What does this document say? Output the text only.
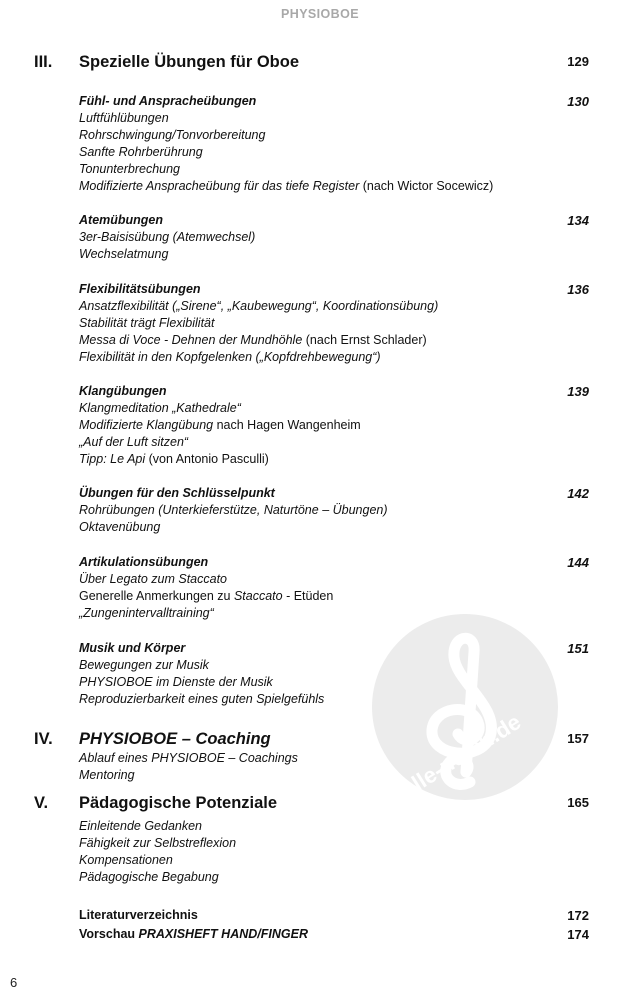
PHYSIOBOE
alle-noten.de
III. Spezielle Übungen für Oboe	129
Fühl- und Ansprachеübungen	130
Luftfühlübungen
Rohrschwingung/Tonvorbereitung
Sanfte Rohrberührung
Tonunterbrechung
Modifizierte Ansprachеübung für das tiefe Register (nach Wictor Socewicz)
Atemübungen	134
3er-Baisisübung (Atemwechsel)
Wechselatmung
Flexibilitätsübungen	136
Ansatzflexibilität („Sirene“, „Kaubewegung“, Koordinationsübung)
Stabilität trägt Flexibilität
Messa di Voce - Dehnen der Mundhöhle (nach Ernst Schlader)
Flexibilität in den Kopfgelenken („Kopfdrehbewegung“)
Klangübungen	139
Klangmeditation „Kathedrale“
Modifizierte Klangübung nach Hagen Wangenheim
„Auf der Luft sitzen“
Tipp: Le Api (von Antonio Pasculli)
Übungen für den Schlüsselpunkt	142
Rohrübungen (Unterkieferstütze, Naturtöne – Übungen)
Oktavenübung
Artikulationsübungen	144
Über Legato zum Staccato
Generelle Anmerkungen zu Staccato - Etüden
„Zungenintervalltraining“
Musik und Körper	151
Bewegungen zur Musik
PHYSIOBOE im Dienste der Musik
Reproduzierbarkeit eines guten Spielgefühls
IV. PHYSIOBOE – Coaching	157
Ablauf eines PHYSIOBOE – Coachings
Mentoring
V. Pädagogische Potenziale	165
Einleitende Gedanken
Fähigkeit zur Selbstreflexion
Kompensationen
Pädagogische Begabung
Literaturverzeichnis	172
Vorschau PRAXISHEFT HAND/FINGER	174
6
